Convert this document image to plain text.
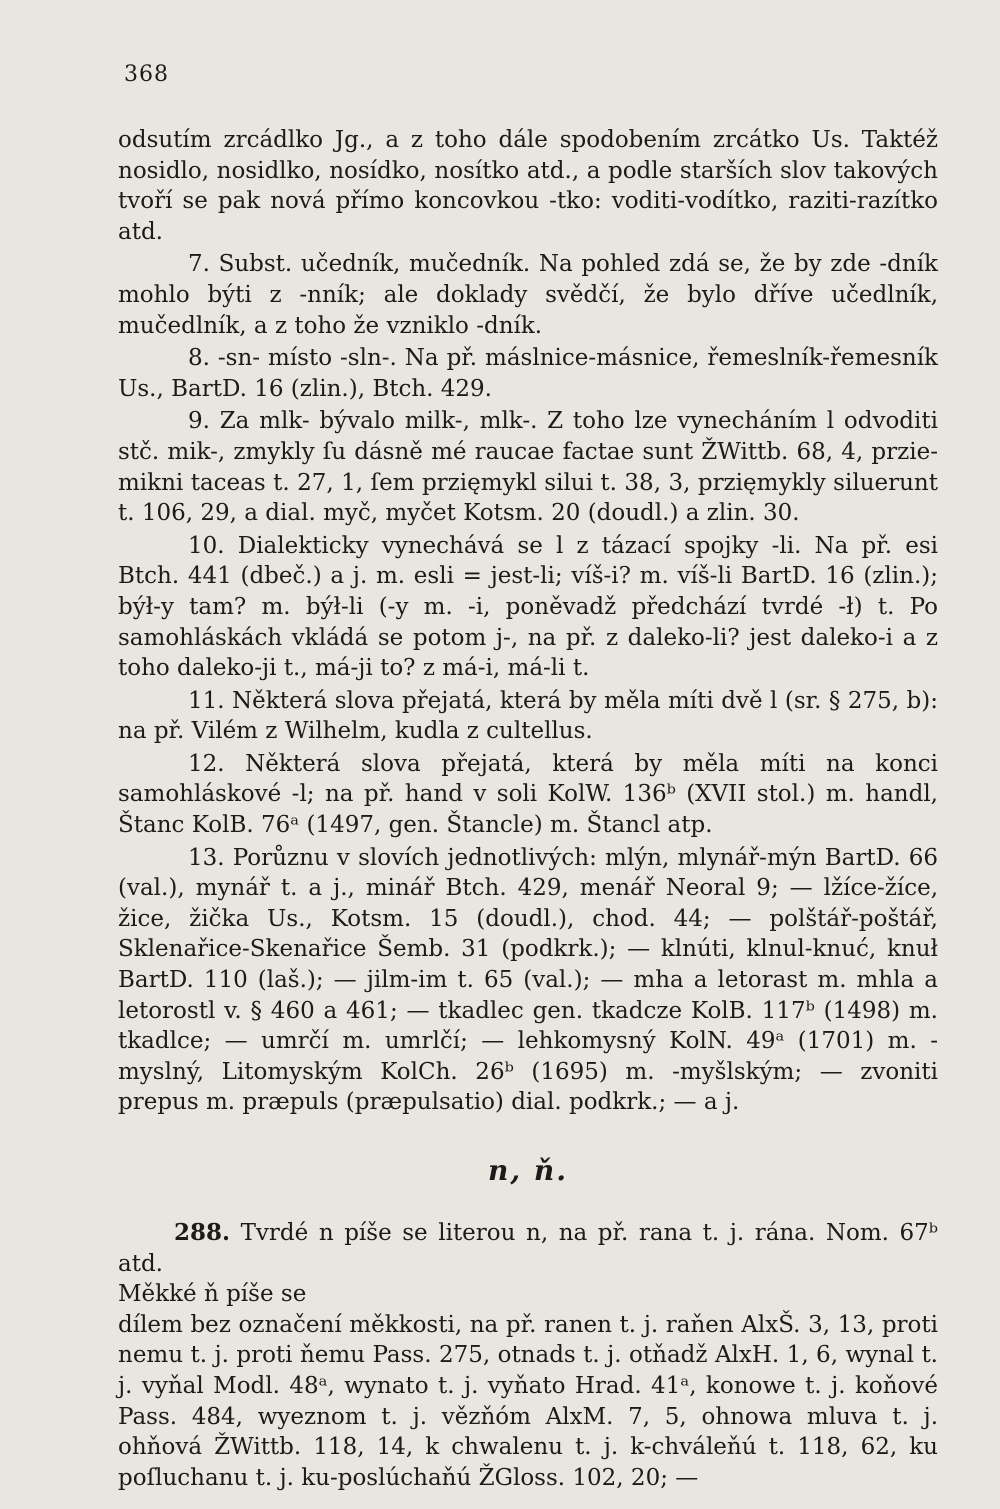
368

odsutím zrcádlko Jg., a z toho dále spodobením zrcátko Us. Taktéž nosidlo, nosidlko, nosídko, nosítko atd., a podle starších slov takových tvoří se pak nová přímo koncovkou -tko: voditi-vodítko, raziti-razítko atd.

7. Subst. učedník, mučedník. Na pohled zdá se, že by zde -dník mohlo býti z -nník; ale doklady svědčí, že bylo dříve učedlník, mučedlník, a z toho že vzniklo -dník.

8. -sn- místo -sln-. Na př. máslnice-másnice, řemeslník-řemesník Us., BartD. 16 (zlin.), Btch. 429.

9. Za mlk- bývalo milk-, mlk-. Z toho lze vynecháním l odvoditi stč. mik-, zmykly ſu dásně mé raucae factae sunt ŽWittb. 68, 4, przie-mikni taceas t. 27, 1, ſem przięmykl silui t. 38, 3, przięmykly siluerunt t. 106, 29, a dial. myč, myčet Kotsm. 20 (doudl.) a zlin. 30.

10. Dialekticky vynechává se l z tázací spojky -li. Na př. esi Btch. 441 (dbeč.) a j. m. esli = jest-li; víš-i? m. víš-li BartD. 16 (zlin.); býł-y tam? m. býł-li (-y m. -i, poněvadž předchází tvrdé -ł) t. Po samohláskách vkládá se potom j-, na př. z daleko-li? jest daleko-i a z toho daleko-ji t., má-ji to? z má-i, má-li t.

11. Některá slova přejatá, která by měla míti dvě l (sr. § 275, b): na př. Vilém z Wilhelm, kudla z cultellus.

12. Některá slova přejatá, která by měla míti na konci samohláskové -l; na př. hand v soli KolW. 136ᵇ (XVII stol.) m. handl, Štanc KolB. 76ᵃ (1497, gen. Štancle) m. Štancl atp.

13. Porůznu v slovích jednotlivých: mlýn, mlynář-mýn BartD. 66 (val.), mynář t. a j., minář Btch. 429, menář Neoral 9; — lžíce-žíce, žice, žička Us., Kotsm. 15 (doudl.), chod. 44; — polštář-poštář, Sklenařice-Skenařice Šemb. 31 (podkrk.); — klnúti, klnul-knuć, knuł BartD. 110 (laš.); — jilm-im t. 65 (val.); — mha a letorast m. mhla a letorostl v. § 460 a 461; — tkadlec gen. tkadcze KolB. 117ᵇ (1498) m. tkadlce; — umrčí m. umrlčí; — lehkomysný KolN. 49ᵃ (1701) m. -myslný, Litomyským KolCh. 26ᵇ (1695) m. -myšlským; — zvoniti prepus m. præpuls (præpulsatio) dial. podkrk.; — a j.

n, ň.

288. Tvrdé n píše se literou n, na př. rana t. j. rána. Nom. 67ᵇ atd.

Měkké ň píše se

dílem bez označení měkkosti, na př. ranen t. j. raňen AlxŠ. 3, 13, proti nemu t. j. proti ňemu Pass. 275, otnads t. j. otňadž AlxH. 1, 6, wynal t. j. vyňal Modl. 48ᵃ, wynato t. j. vyňato Hrad. 41ᵃ, konowe t. j. koňové Pass. 484, wyeznom t. j. vězňóm AlxM. 7, 5, ohnowa mluva t. j. ohňová ŽWittb. 118, 14, k chwalenu t. j. k-chváleňú t. 118, 62, ku poſluchanu t. j. ku-poslúchaňú ŽGloss. 102, 20; —
